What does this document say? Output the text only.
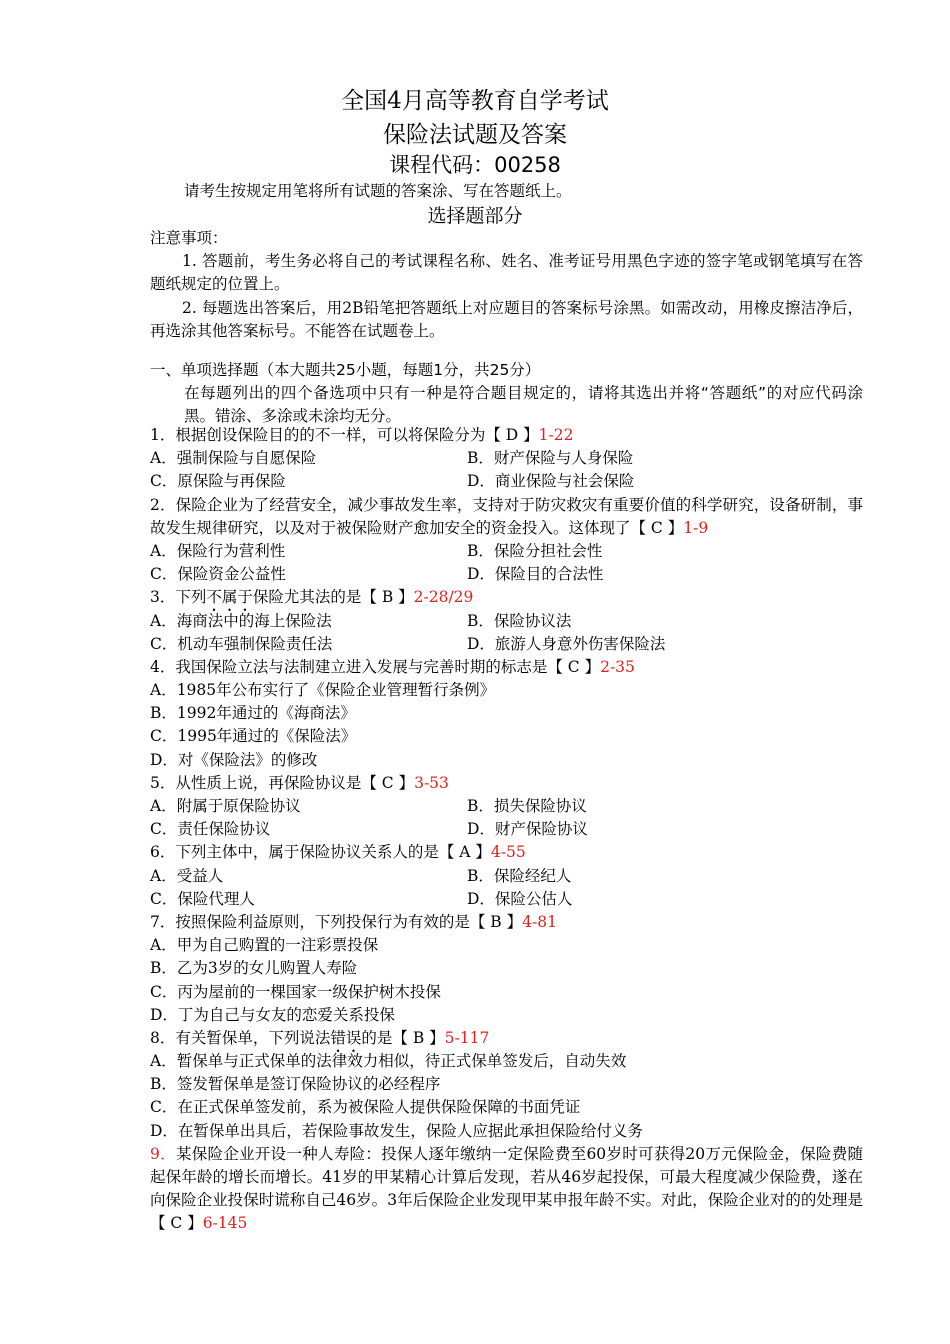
全国4月高等教育自学考试
保险法试题及答案
课程代码：00258
请考生按规定用笔将所有试题的答案涂、写在答题纸上。
选择题部分
注意事项：
1. 答题前，考生务必将自己的考试课程名称、姓名、准考证号用黑色字迹的签字笔或钢笔填写在答题纸规定的位置上。
2. 每题选出答案后，用2B铅笔把答题纸上对应题目的答案标号涂黑。如需改动，用橡皮擦洁净后，再选涂其他答案标号。不能答在试题卷上。
一、单项选择题（本大题共25小题，每题1分，共25分）
在每题列出的四个备选项中只有一种是符合题目规定的，请将其选出并将“答题纸”的对应代码涂黑。错涂、多涂或未涂均无分。
1．根据创设保险目的的不一样，可以将保险分为【 D 】1-22
A．强制保险与自愿保险	B．财产保险与人身保险
C．原保险与再保险	D．商业保险与社会保险
2．保险企业为了经营安全，减少事故发生率，支持对于防灾救灾有重要价值的科学研究，设备研制，事故发生规律研究，以及对于被保险财产愈加安全的资金投入。这体现了【 C 】1-9
A．保险行为营利性	B．保险分担社会性
C．保险资金公益性	D．保险目的合法性
3．下列不属于保险尤其法的是【 B 】2-28/29
A．海商法中的海上保险法	B．保险协议法
C．机动车强制保险责任法	D．旅游人身意外伤害保险法
4．我国保险立法与法制建立进入发展与完善时期的标志是【 C 】2-35
A．1985年公布实行了《保险企业管理暂行条例》
B．1992年通过的《海商法》
C．1995年通过的《保险法》
D．对《保险法》的修改
5．从性质上说，再保险协议是【 C 】3-53
A．附属于原保险协议	B．损失保险协议
C．责任保险协议	D．财产保险协议
6．下列主体中，属于保险协议关系人的是【 A 】4-55
A．受益人	B．保险经纪人
C．保险代理人	D．保险公估人
7．按照保险利益原则，下列投保行为有效的是【 B 】4-81
A．甲为自己购置的一注彩票投保
B．乙为3岁的女儿购置人寿险
C．丙为屋前的一棵国家一级保护树木投保
D．丁为自己与女友的恋爱关系投保
8．有关暂保单，下列说法错误的是【 B 】5-117
A．暂保单与正式保单的法律效力相似，待正式保单签发后，自动失效
B．签发暂保单是签订保险协议的必经程序
C．在正式保单签发前，系为被保险人提供保险保障的书面凭证
D．在暂保单出具后，若保险事故发生，保险人应据此承担保险给付义务
9．某保险企业开设一种人寿险：投保人逐年缴纳一定保险费至60岁时可获得20万元保险金，保险费随起保年龄的增长而增长。41岁的甲某精心计算后发现，若从46岁起投保，可最大程度减少保险费，遂在向保险企业投保时谎称自己46岁。3年后保险企业发现甲某申报年龄不实。对此，保险企业对的的处理是【 C 】6-145
